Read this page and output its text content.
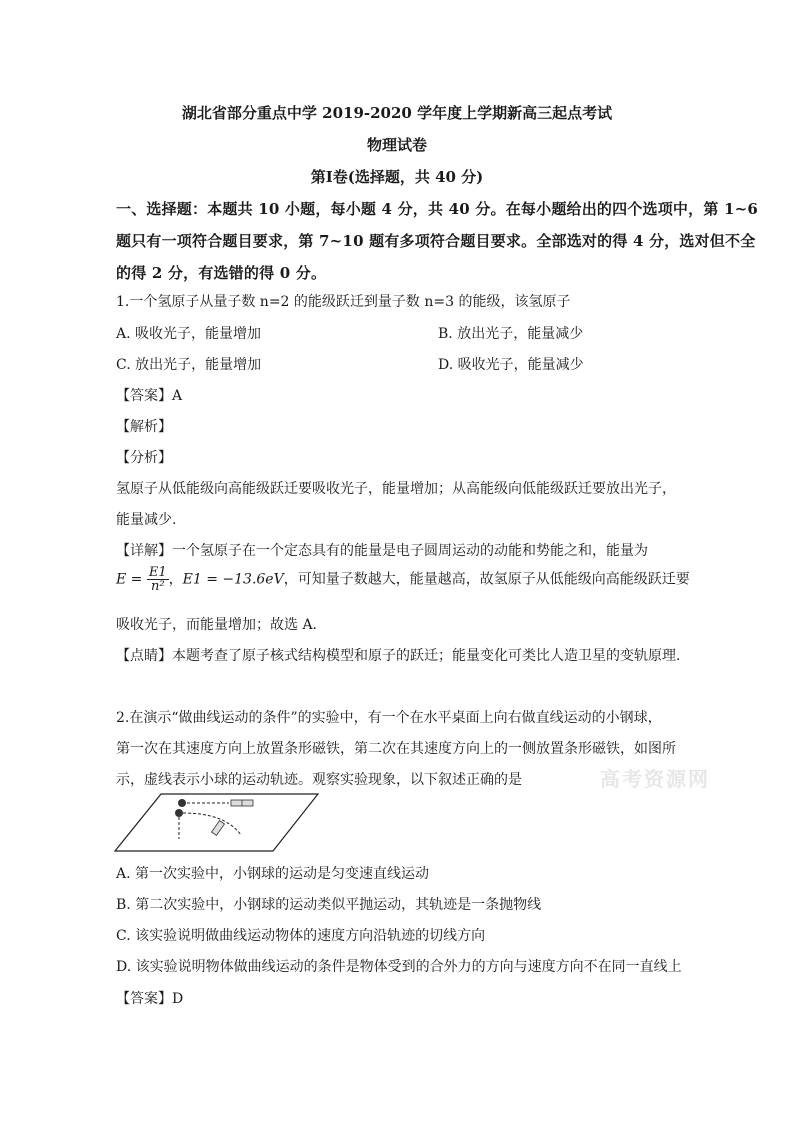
湖北省部分重点中学 2019-2020 学年度上学期新高三起点考试
物理试卷
第Ⅰ卷(选择题，共 40 分)
一、选择题：本题共 10 小题，每小题 4 分，共 40 分。在每小题给出的四个选项中，第 1~6
题只有一项符合题目要求，第 7~10 题有多项符合题目要求。全部选对的得 4 分，选对但不全
的得 2 分，有选错的得 0 分。
1.一个氢原子从量子数 n=2 的能级跃迁到量子数 n=3 的能级，该氢原子
A. 吸收光子，能量增加	B. 放出光子，能量减少
C. 放出光子，能量增加	D. 吸收光子，能量减少
【答案】A
【解析】
【分析】
氢原子从低能级向高能级跃迁要吸收光子，能量增加；从高能级向低能级跃迁要放出光子，
能量减少.
【详解】一个氢原子在一个定态具有的能量是电子圆周运动的动能和势能之和，能量为
$E = \frac{E1}{\text{n²}}$ ，E1 = −13.6eV，可知量子数越大，能量越高，故氢原子从低能级向高能级跃迁要
吸收光子，而能量增加；故选 A.
【点睛】本题考查了原子核式结构模型和原子的跃迁；能量变化可类比人造卫星的变轨原理.
2.在演示“做曲线运动的条件”的实验中，有一个在水平桌面上向右做直线运动的小钢球，
第一次在其速度方向上放置条形磁铁，第二次在其速度方向上的一侧放置条形磁铁，如图所
示，虚线表示小球的运动轨迹。观察实验现象，以下叙述正确的是	高考资源网
A. 第一次实验中，小钢球的运动是匀变速直线运动
B. 第二次实验中，小钢球的运动类似平抛运动，其轨迹是一条抛物线
C. 该实验说明做曲线运动物体的速度方向沿轨迹的切线方向
D. 该实验说明物体做曲线运动的条件是物体受到的合外力的方向与速度方向不在同一直线上
【答案】D
